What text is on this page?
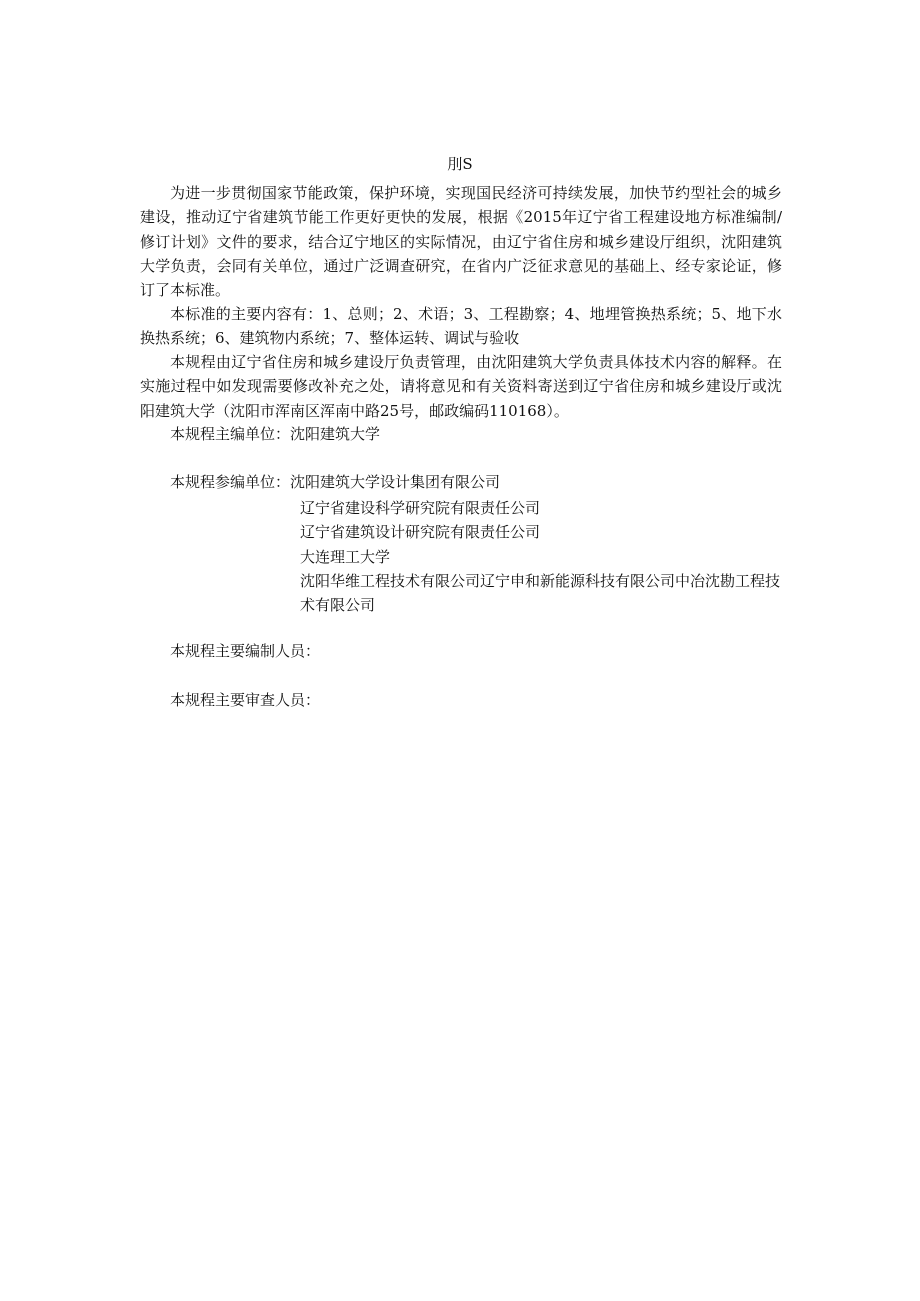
刖S

为进一步贯彻国家节能政策，保护环境，实现国民经济可持续发展，加快节约型社会的城乡建设，推动辽宁省建筑节能工作更好更快的发展，根据《2015年辽宁省工程建设地方标准编制/修订计划》文件的要求，结合辽宁地区的实际情况，由辽宁省住房和城乡建设厅组织，沈阳建筑大学负责，会同有关单位，通过广泛调查研究，在省内广泛征求意见的基础上、经专家论证，修订了本标准。

本标准的主要内容有：1、总则；2、术语；3、工程勘察；4、地埋管换热系统；5、地下水换热系统；6、建筑物内系统；7、整体运转、调试与验收

本规程由辽宁省住房和城乡建设厅负责管理，由沈阳建筑大学负责具体技术内容的解释。在实施过程中如发现需要修改补充之处，请将意见和有关资料寄送到辽宁省住房和城乡建设厅或沈阳建筑大学（沈阳市浑南区浑南中路25号，邮政编码110168）。

本规程主编单位：沈阳建筑大学
本规程参编单位：沈阳建筑大学设计集团有限公司
辽宁省建设科学研究院有限责任公司
辽宁省建筑设计研究院有限责任公司
大连理工大学
沈阳华维工程技术有限公司辽宁申和新能源科技有限公司中冶沈勘工程技术有限公司
本规程主要编制人员：
本规程主要审查人员：
